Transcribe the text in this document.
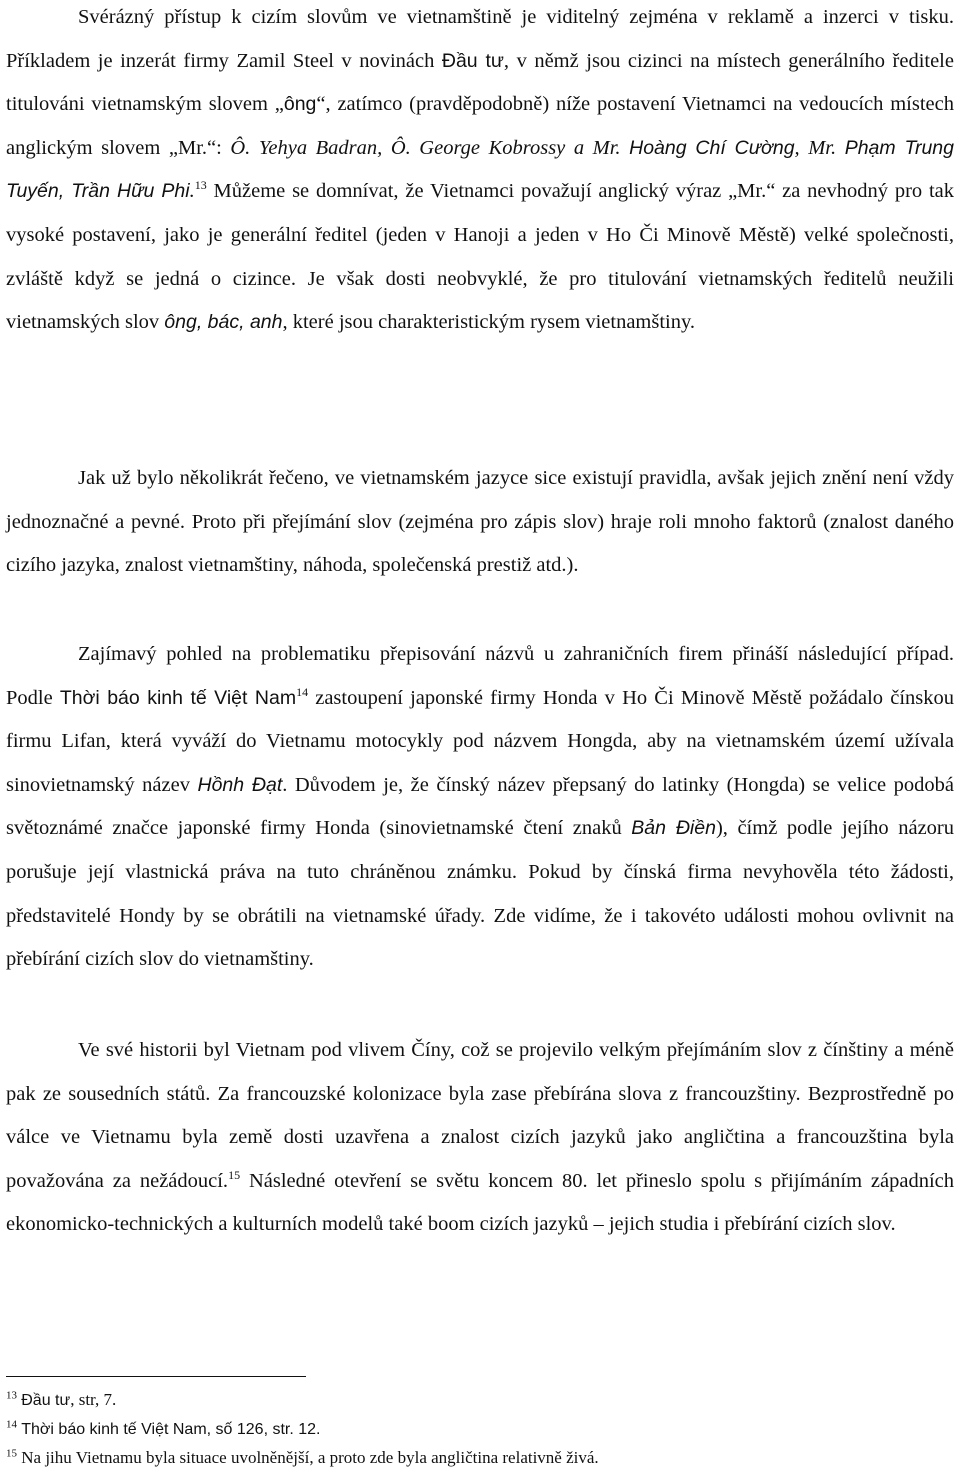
Svérázný přístup k cizím slovům ve vietnamštině je viditelný zejména v reklamě a inzerci v tisku. Příkladem je inzerát firmy Zamil Steel v novinách Đầu tư, v němž jsou cizinci na místech generálního ředitele titulováni vietnamským slovem „ông“, zatímco (pravděpodobně) níže postavení Vietnamci na vedoucích místech anglickým slovem „Mr.“: Ô. Yehya Badran, Ô. George Kobrossy a Mr. Hoàng Chí Cường, Mr. Phạm Trung Tuyến, Trần Hữu Phi.$^{13}$ Můžeme se domnívat, že Vietnamci považují anglický výraz „Mr.“ za nevhodný pro tak vysoké postavení, jako je generální ředitel (jeden v Hanoji a jeden v Ho Či Minově Městě) velké společnosti, zvláště když se jedná o cizince. Je však dosti neobvyklé, že pro titulování vietnamských ředitelů neužili vietnamských slov ông, bác, anh, které jsou charakteristickým rysem vietnamštiny.

Jak už bylo několikrát řečeno, ve vietnamském jazyce sice existují pravidla, avšak jejich znění není vždy jednoznačné a pevné. Proto při přejímání slov (zejména pro zápis slov) hraje roli mnoho faktorů (znalost daného cizího jazyka, znalost vietnamštiny, náhoda, společenská prestiž atd.).

Zajímavý pohled na problematiku přepisování názvů u zahraničních firem přináší následující případ. Podle Thời báo kinh tế Việt Nam$^{14}$ zastoupení japonské firmy Honda v Ho Či Minově Městě požádalo čínskou firmu Lifan, která vyváží do Vietnamu motocykly pod názvem Hongda, aby na vietnamském území užívala sinovietnamský název Hồnh Đạt. Důvodem je, že čínský název přepsaný do latinky (Hongda) se velice podobá světoznámé značce japonské firmy Honda (sinovietnamské čtení znaků Bản Điền), čímž podle jejího názoru porušuje její vlastnická práva na tuto chráněnou známku. Pokud by čínská firma nevyhověla této žádosti, představitelé Hondy by se obrátili na vietnamské úřady. Zde vidíme, že i takovéto události mohou ovlivnit na přebírání cizích slov do vietnamštiny.

Ve své historii byl Vietnam pod vlivem Číny, což se projevilo velkým přejímáním slov z čínštiny a méně pak ze sousedních států. Za francouzské kolonizace byla zase přebírána slova z francouzštiny. Bezprostředně po válce ve Vietnamu byla země dosti uzavřena a znalost cizích jazyků jako angličtina a francouzština byla považována za nežádoucí.$^{15}$ Následné otevření se světu koncem 80. let přineslo spolu s přijímáním západních ekonomicko-technických a kulturních modelů také boom cizích jazyků – jejich studia i přebírání cizích slov.

$^{13}$ Đầu tư, str, 7.
$^{14}$ Thời báo kinh tế Việt Nam, số 126, str. 12.
$^{15}$ Na jihu Vietnamu byla situace uvolněnější, a proto zde byla angličtina relativně živá.
